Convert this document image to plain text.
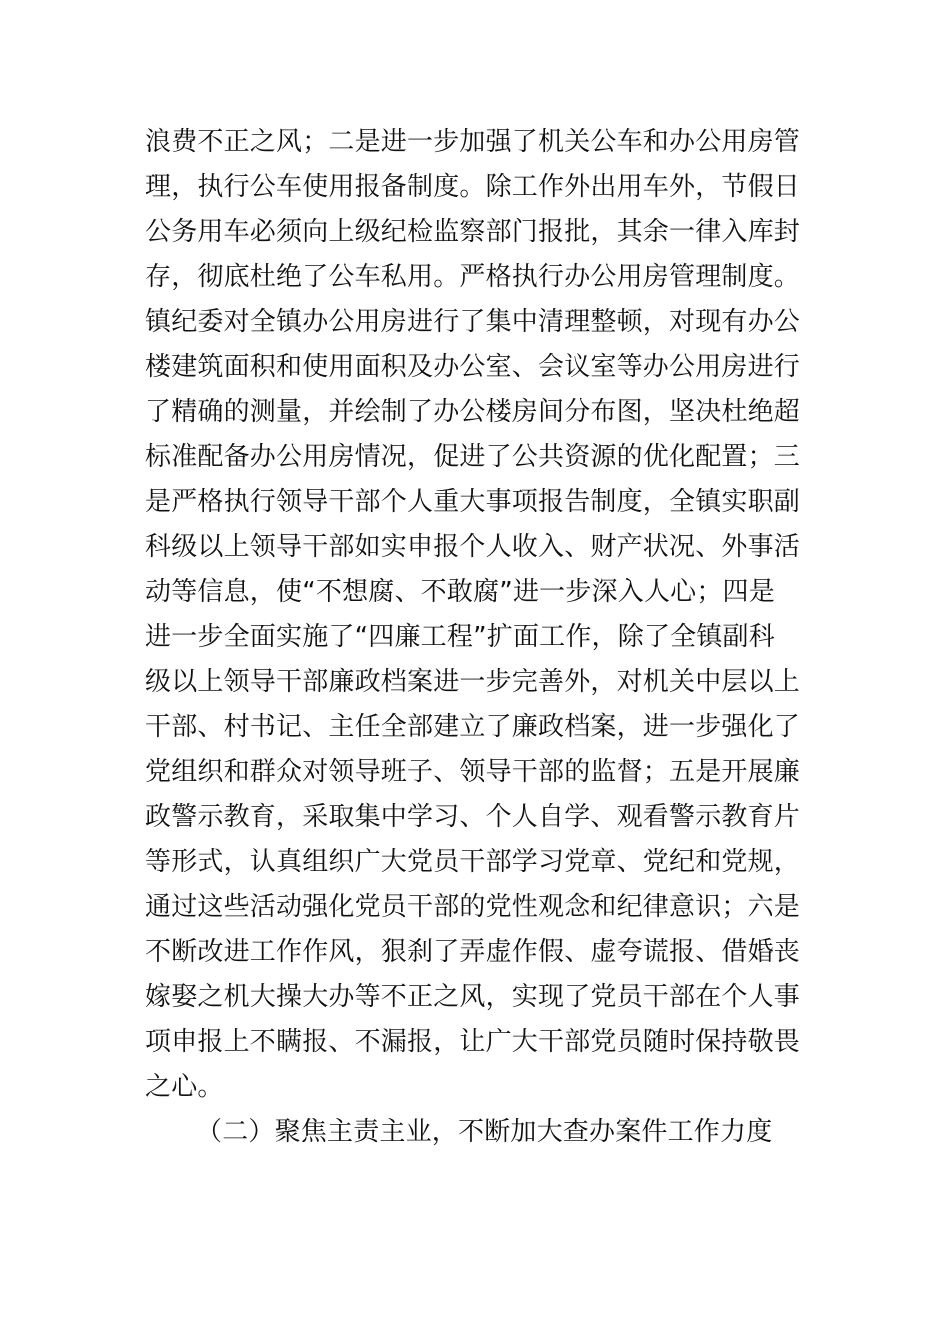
浪费不正之风；二是进一步加强了机关公车和办公用房管
理，执行公车使用报备制度。除工作外出用车外，节假日
公务用车必须向上级纪检监察部门报批，其余一律入库封
存，彻底杜绝了公车私用。严格执行办公用房管理制度。
镇纪委对全镇办公用房进行了集中清理整顿，对现有办公
楼建筑面积和使用面积及办公室、会议室等办公用房进行
了精确的测量，并绘制了办公楼房间分布图，坚决杜绝超
标准配备办公用房情况，促进了公共资源的优化配置；三
是严格执行领导干部个人重大事项报告制度，全镇实职副
科级以上领导干部如实申报个人收入、财产状况、外事活
动等信息，使“不想腐、不敢腐”进一步深入人心；四是
进一步全面实施了“四廉工程”扩面工作，除了全镇副科
级以上领导干部廉政档案进一步完善外，对机关中层以上
干部、村书记、主任全部建立了廉政档案，进一步强化了
党组织和群众对领导班子、领导干部的监督；五是开展廉
政警示教育，采取集中学习、个人自学、观看警示教育片
等形式，认真组织广大党员干部学习党章、党纪和党规，
通过这些活动强化党员干部的党性观念和纪律意识；六是
不断改进工作作风，狠刹了弄虚作假、虚夸谎报、借婚丧
嫁娶之机大操大办等不正之风，实现了党员干部在个人事
项申报上不瞒报、不漏报，让广大干部党员随时保持敬畏
之心。
（二）聚焦主责主业，不断加大查办案件工作力度
